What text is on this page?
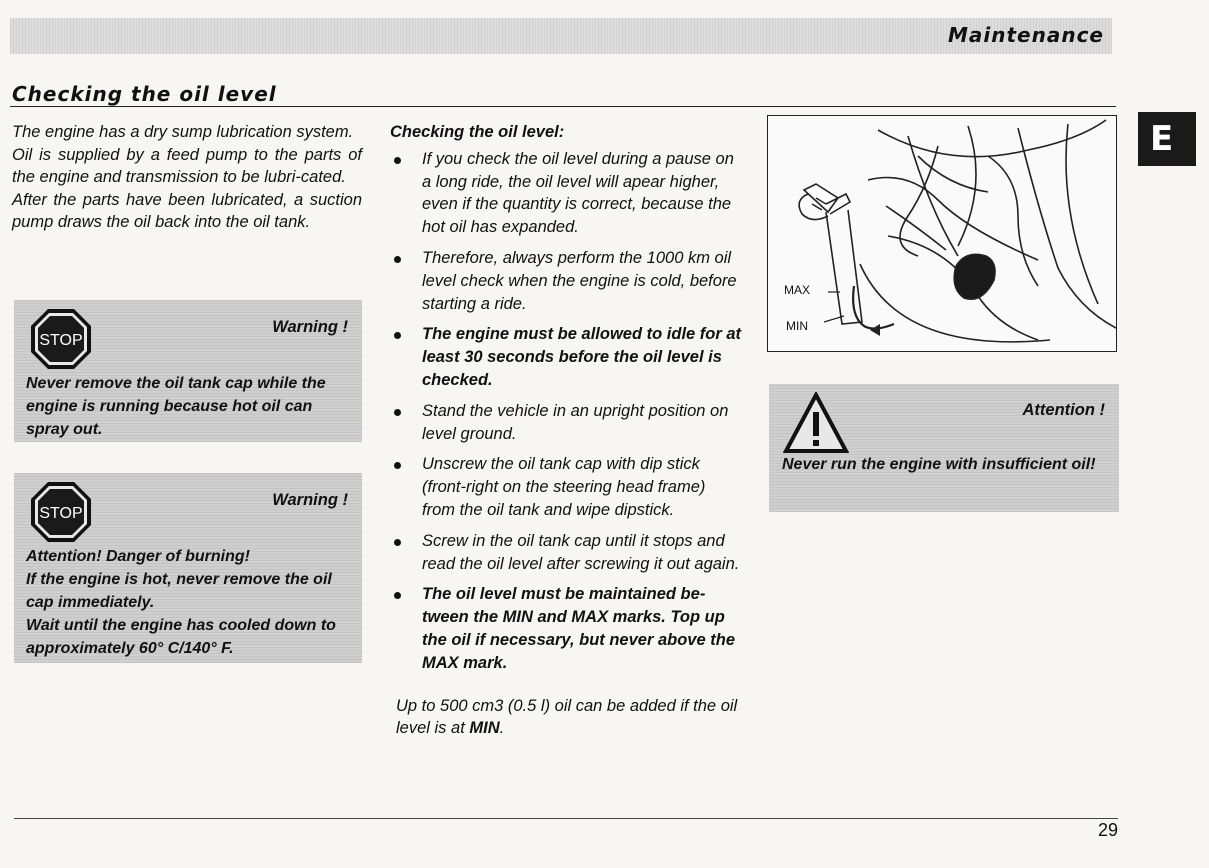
Maintenance
Checking the oil level
E

The engine has a dry sump lubrication system.

Oil is supplied by a feed pump to the parts of the engine and transmission to be lubri-cated.

After the parts have been lubricated, a suction pump draws the oil back into the oil tank.

STOP
Warning !

Never remove the oil tank cap while the engine is running because hot oil can spray out.

STOP
Warning !

Attention! Danger of burning!

If the engine is hot, never remove the oil cap immediately.

Wait until the engine has cooled down to approximately 60° C/140° F.

Checking the oil level:
If you check the oil level during a pause on a long ride, the oil level will apear higher, even if the quantity is correct, because the hot oil has expanded.
Therefore, always perform the 1000 km oil level check when the engine is cold, before starting a ride.
The engine must be allowed to idle for at least 30 seconds before the oil level is checked.
Stand the vehicle in an upright position on level ground.
Unscrew the oil tank cap with dip stick (front-right on the steering head frame) from the oil tank and wipe dipstick.
Screw in the oil tank cap until it stops and read the oil level after screwing it out again.
The oil level must be maintained be-tween the MIN and MAX marks. Top up the oil if necessary, but never above the MAX mark.
Up to 500 cm3 (0.5 l) oil can be added if the oil level is at MIN.
MAX
MIN
Attention !
Never run the engine with insufficient oil!
29
